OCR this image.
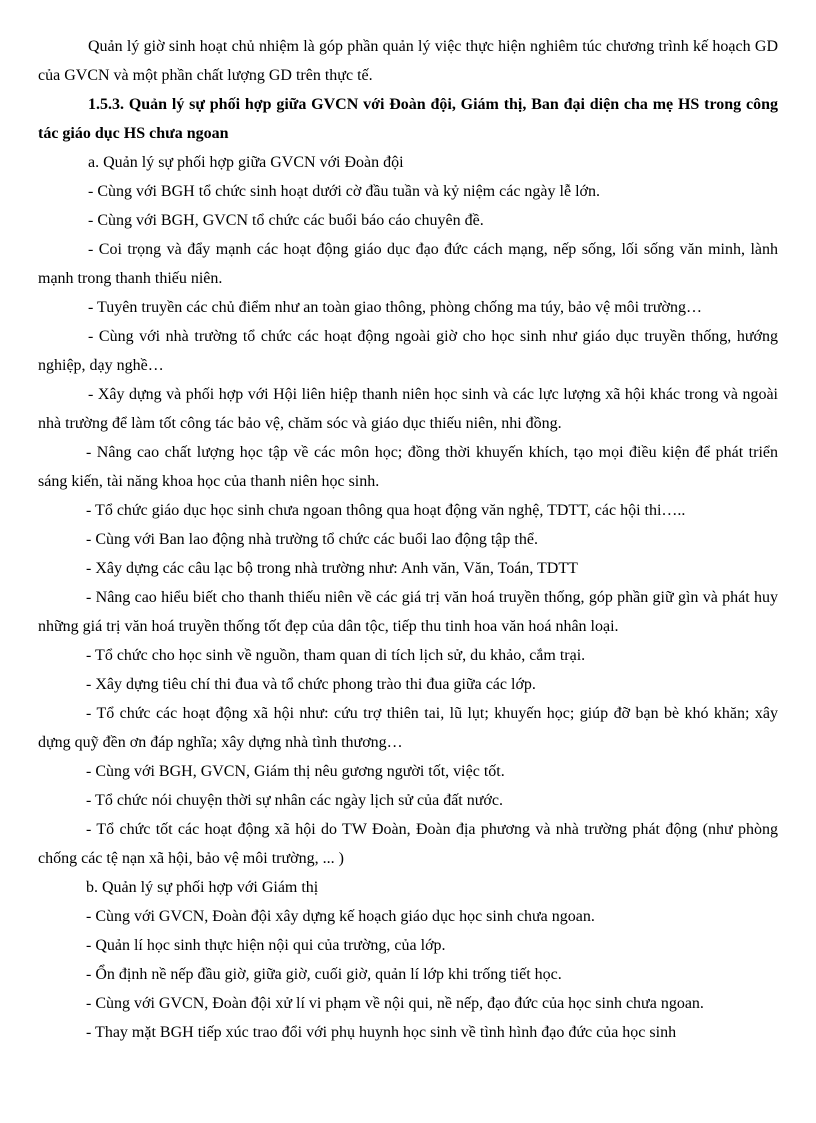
Quản lý giờ sinh hoạt chủ nhiệm là góp phần quản lý việc thực hiện nghiêm túc chương trình kế hoạch GD của GVCN và một phần chất lượng GD trên thực tế.

1.5.3. Quản lý sự phối hợp giữa GVCN với Đoàn đội, Giám thị, Ban đại diện cha mẹ HS trong công tác giáo dục HS chưa ngoan

a. Quản lý sự phối hợp giữa GVCN với Đoàn đội

- Cùng với BGH tổ chức sinh hoạt dưới cờ đầu tuần và kỷ niệm các ngày lễ lớn.

- Cùng với BGH, GVCN tổ chức các buổi báo cáo chuyên đề.

- Coi trọng và đẩy mạnh các hoạt động giáo dục đạo đức cách mạng, nếp sống, lối sống văn minh, lành mạnh trong thanh thiếu niên.

- Tuyên truyền các chủ điểm như an toàn giao thông, phòng chống ma túy, bảo vệ môi trường…

- Cùng với nhà trường tổ chức các hoạt động ngoài giờ cho học sinh như giáo dục truyền thống, hướng nghiệp, dạy nghề…

- Xây dựng và phối hợp với Hội liên hiệp thanh niên học sinh và các lực lượng xã hội khác trong và ngoài nhà trường để làm tốt công tác bảo vệ, chăm sóc và giáo dục thiếu niên, nhi đồng.

- Nâng cao chất lượng học tập về các môn học; đồng thời khuyến khích, tạo mọi điều kiện để phát triển sáng kiến, tài năng khoa học của thanh niên học sinh.

- Tổ chức giáo dục học sinh chưa ngoan thông qua hoạt động văn nghệ, TDTT, các hội thi…..

- Cùng với Ban lao động nhà trường tổ chức các buổi lao động tập thể.

- Xây dựng các câu lạc bộ trong nhà trường như: Anh văn, Văn, Toán, TDTT

- Nâng cao hiểu biết cho thanh thiếu niên về các giá trị văn hoá truyền thống, góp phần giữ gìn và phát huy những giá trị văn hoá truyền thống tốt đẹp của dân tộc, tiếp thu tinh hoa văn hoá nhân loại.

- Tổ chức cho học sinh về nguồn, tham quan di tích lịch sử, du khảo, cắm trại.

- Xây dựng tiêu chí thi đua và tổ chức phong trào thi đua giữa các lớp.

- Tổ chức các hoạt động xã hội như: cứu trợ thiên tai, lũ lụt; khuyến học; giúp đỡ bạn bè khó khăn; xây dựng quỹ đền ơn đáp nghĩa; xây dựng nhà tình thương…

- Cùng với BGH, GVCN, Giám thị nêu gương người tốt, việc tốt.

- Tổ chức nói chuyện thời sự nhân các ngày lịch sử của đất nước.

- Tổ chức tốt các hoạt động xã hội do TW Đoàn, Đoàn địa phương và nhà trường phát động (như phòng chống các tệ nạn xã hội, bảo vệ môi trường, ... )

b. Quản lý sự phối hợp với Giám thị

- Cùng với GVCN, Đoàn đội xây dựng kế hoạch giáo dục học sinh chưa ngoan.

- Quản lí học sinh thực hiện nội qui của trường, của lớp.

- Ổn định nề nếp đầu giờ, giữa giờ, cuối giờ, quản lí lớp khi trống tiết học.

- Cùng với GVCN, Đoàn đội xử lí vi phạm về nội qui, nề nếp, đạo đức của học sinh chưa ngoan.

- Thay mặt BGH tiếp xúc trao đổi với phụ huynh học sinh về tình hình đạo đức của học sinh
